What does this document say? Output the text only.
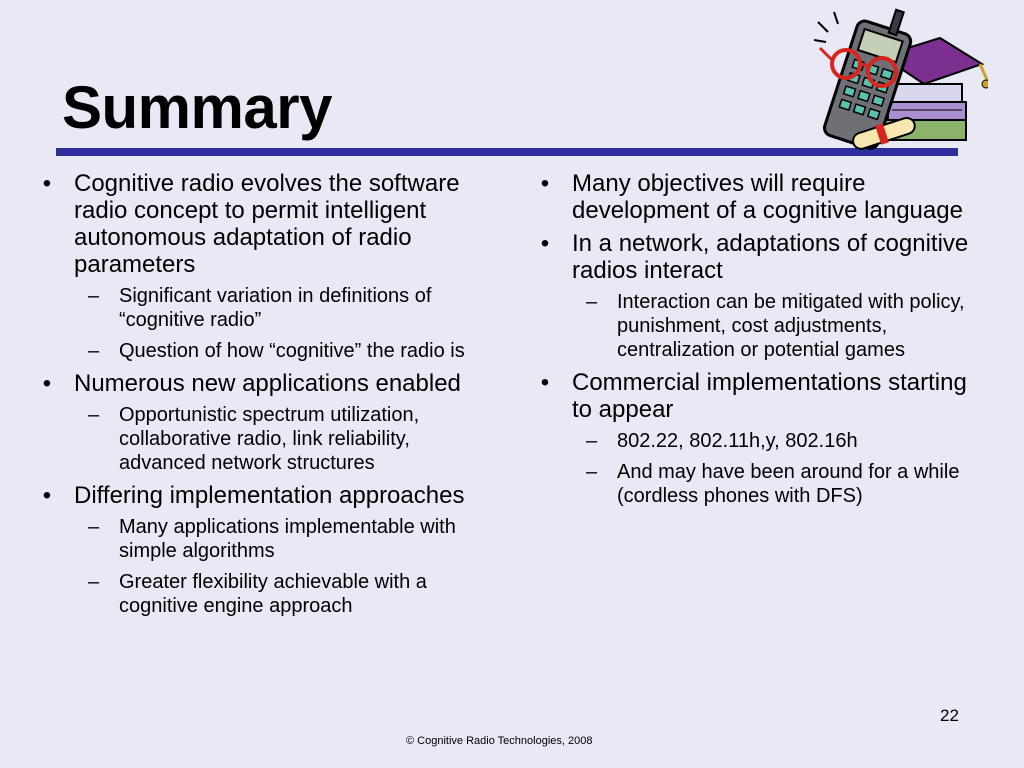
Summary
• Cognitive radio evolves the software radio concept to permit intelligent autonomous adaptation of radio parameters
– Significant variation in definitions of “cognitive radio”
– Question of how “cognitive” the radio is
• Numerous new applications enabled
– Opportunistic spectrum utilization, collaborative radio, link reliability, advanced network structures
• Differing implementation approaches
– Many applications implementable with simple algorithms
– Greater flexibility achievable with a cognitive engine approach
• Many objectives will require development of a cognitive language
• In a network, adaptations of cognitive radios interact
– Interaction can be mitigated with policy, punishment, cost adjustments, centralization or potential games
• Commercial implementations starting to appear
– 802.22, 802.11h,y, 802.16h
– And may have been around for a while (cordless phones with DFS)
© Cognitive Radio Technologies, 2008
22
